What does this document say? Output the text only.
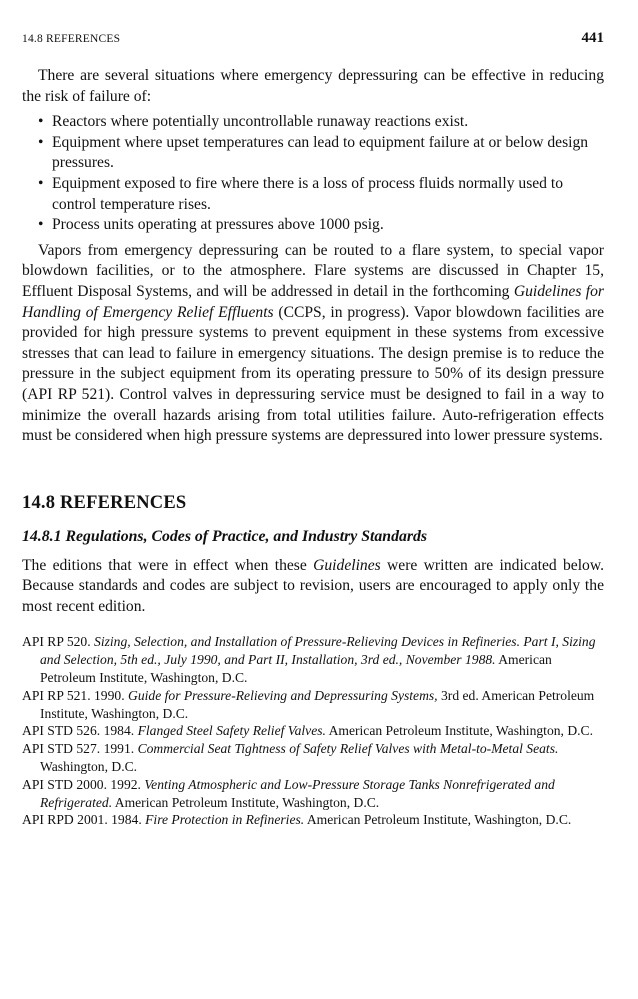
14.8 REFERENCES	441

There are several situations where emergency depressuring can be effective in reducing the risk of failure of:

• Reactors where potentially uncontrollable runaway reactions exist.
• Equipment where upset temperatures can lead to equipment failure at or below design pressures.
• Equipment exposed to fire where there is a loss of process fluids normally used to control temperature rises.
• Process units operating at pressures above 1000 psig.

Vapors from emergency depressuring can be routed to a flare system, to special vapor blowdown facilities, or to the atmosphere. Flare systems are discussed in Chapter 15, Effluent Disposal Systems, and will be addressed in detail in the forthcoming Guidelines for Handling of Emergency Relief Effluents (CCPS, in progress). Vapor blowdown facilities are provided for high pressure systems to prevent equipment in these systems from excessive stresses that can lead to failure in emergency situations. The design premise is to reduce the pressure in the subject equipment from its operating pressure to 50% of its design pressure (API RP 521). Control valves in depressuring service must be designed to fail in a way to minimize the overall hazards arising from total utilities failure. Auto-refrigeration effects must be considered when high pressure systems are depressured into lower pressure systems.

14.8 REFERENCES
14.8.1 Regulations, Codes of Practice, and Industry Standards

The editions that were in effect when these Guidelines were written are indicated below. Because standards and codes are subject to revision, users are encouraged to apply only the most recent edition.

API RP 520. Sizing, Selection, and Installation of Pressure-Relieving Devices in Refineries. Part I, Sizing and Selection, 5th ed., July 1990, and Part II, Installation, 3rd ed., November 1988. American Petroleum Institute, Washington, D.C.

API RP 521. 1990. Guide for Pressure-Relieving and Depressuring Systems, 3rd ed. American Petroleum Institute, Washington, D.C.

API STD 526. 1984. Flanged Steel Safety Relief Valves. American Petroleum Institute, Washington, D.C.

API STD 527. 1991. Commercial Seat Tightness of Safety Relief Valves with Metal-to-Metal Seats. Washington, D.C.

API STD 2000. 1992. Venting Atmospheric and Low-Pressure Storage Tanks Nonrefrigerated and Refrigerated. American Petroleum Institute, Washington, D.C.

API RPD 2001. 1984. Fire Protection in Refineries. American Petroleum Institute, Washington, D.C.
